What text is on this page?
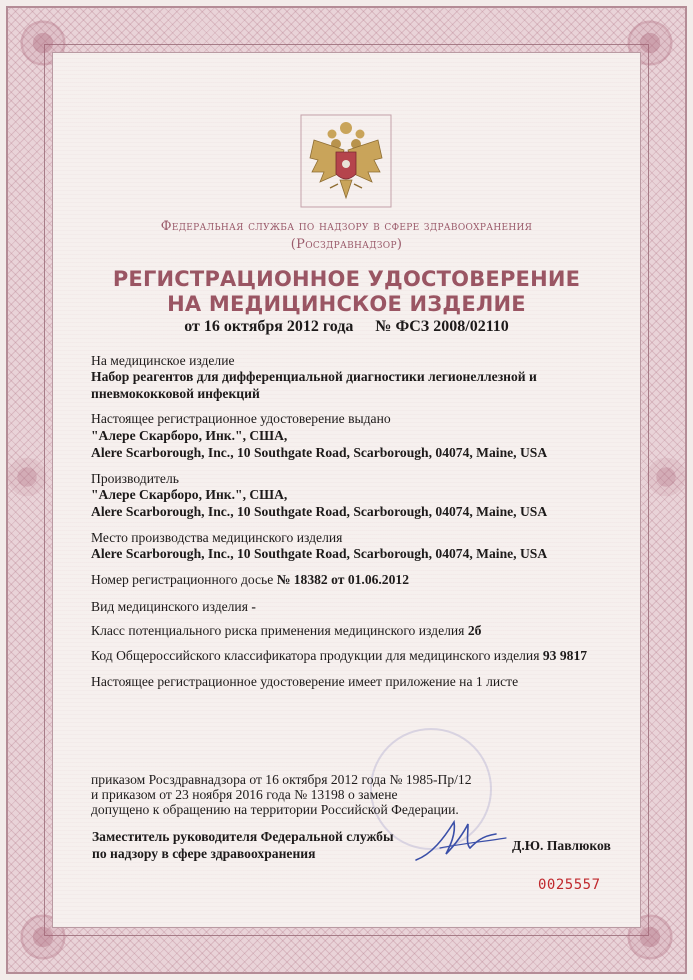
Федеральная служба по надзору в сфере здравоохранения
(Росздравнадзор)
РЕГИСТРАЦИОННОЕ УДОСТОВЕРЕНИЕ
НА МЕДИЦИНСКОЕ ИЗДЕЛИЕ
от 16 октября 2012 года № ФСЗ 2008/02110
На медицинское изделие
Набор реагентов для дифференциальной диагностики легионеллезной и
пневмококковой инфекций
Настоящее регистрационное удостоверение выдано
"Алере Скарборо, Инк.", США,
Alere Scarborough, Inc., 10 Southgate Road, Scarborough, 04074, Maine, USA
Производитель
"Алере Скарборо, Инк.", США,
Alere Scarborough, Inc., 10 Southgate Road, Scarborough, 04074, Maine, USA
Место производства медицинского изделия
Alere Scarborough, Inc., 10 Southgate Road, Scarborough, 04074, Maine, USA
Номер регистрационного досье № 18382 от 01.06.2012
Вид медицинского изделия -
Класс потенциального риска применения медицинского изделия 2б
Код Общероссийского классификатора продукции для медицинского изделия 93 9817
Настоящее регистрационное удостоверение имеет приложение на 1 листе
приказом Росздравнадзора от 16 октября 2012 года № 1985-Пр/12
и приказом от 23 ноября 2016 года № 13198 о замене
допущено к обращению на территории Российской Федерации.
Заместитель руководителя Федеральной службы
по надзору в сфере здравоохранения
Д.Ю. Павлюков
0025557
